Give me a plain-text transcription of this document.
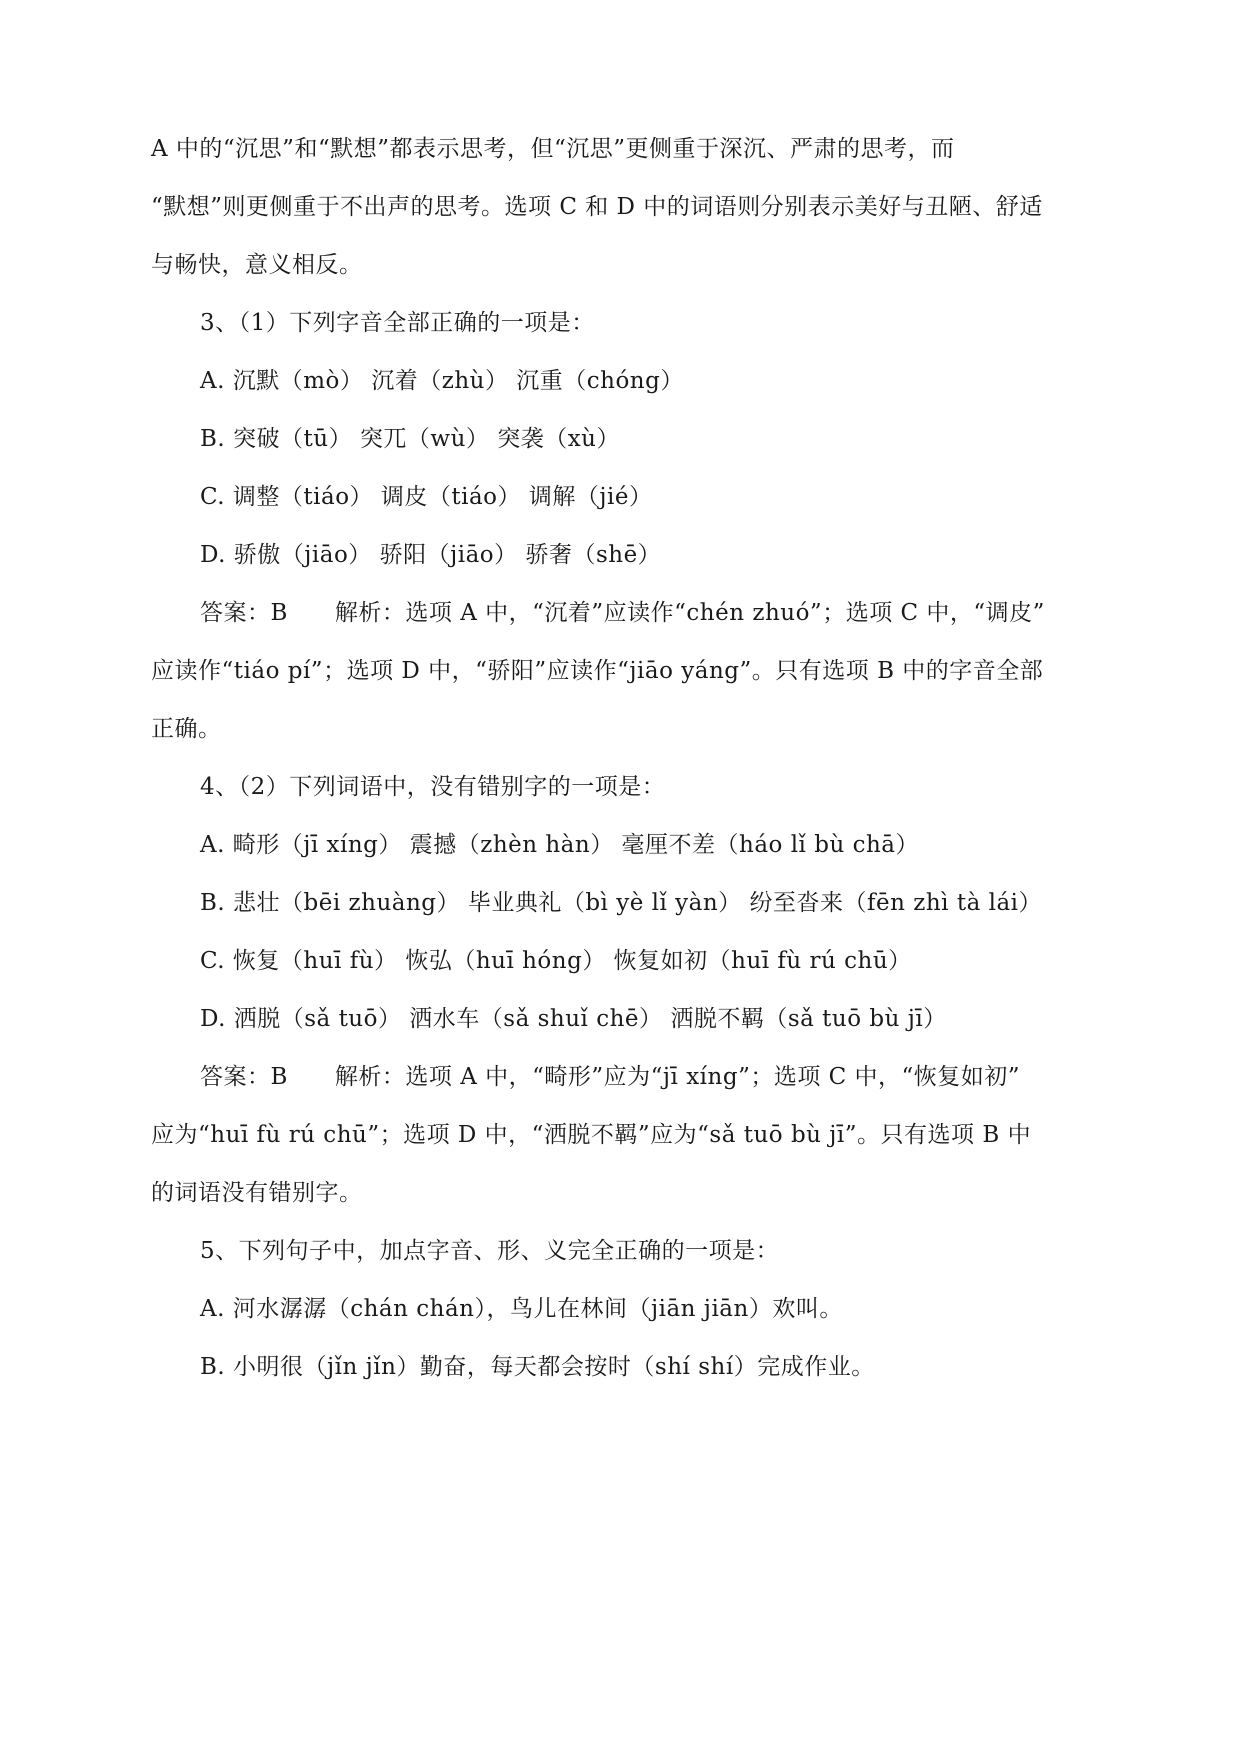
A 中的“沉思”和“默想”都表示思考，但“沉思”更侧重于深沉、严肃的思考，而
“默想”则更侧重于不出声的思考。选项 C 和 D 中的词语则分别表示美好与丑陋、舒适
与畅快，意义相反。
3、（1）下列字音全部正确的一项是：
A. 沉默（mò） 沉着（zhù） 沉重（chóng）
B. 突破（tū） 突兀（wù） 突袭（xù）
C. 调整（tiáo） 调皮（tiáo） 调解（jié）
D. 骄傲（jiāo） 骄阳（jiāo） 骄奢（shē）
答案：B　　解析：选项 A 中，“沉着”应读作“chén zhuó”；选项 C 中，“调皮”
应读作“tiáo pí”；选项 D 中，“骄阳”应读作“jiāo yáng”。只有选项 B 中的字音全部
正确。
4、（2）下列词语中，没有错别字的一项是：
A. 畸形（jī xíng） 震撼（zhèn hàn） 毫厘不差（háo lǐ bù chā）
B. 悲壮（bēi zhuàng） 毕业典礼（bì yè lǐ yàn） 纷至沓来（fēn zhì tà lái）
C. 恢复（huī fù） 恢弘（huī hóng） 恢复如初（huī fù rú chū）
D. 洒脱（sǎ tuō） 洒水车（sǎ shuǐ chē） 洒脱不羁（sǎ tuō bù jī）
答案：B　　解析：选项 A 中，“畸形”应为“jī xíng”；选项 C 中，“恢复如初”
应为“huī fù rú chū”；选项 D 中，“洒脱不羁”应为“sǎ tuō bù jī”。只有选项 B 中
的词语没有错别字。
5、下列句子中，加点字音、形、义完全正确的一项是：
A. 河水潺潺（chán chán），鸟儿在林间（jiān jiān）欢叫。
B. 小明很（jǐn jǐn）勤奋，每天都会按时（shí shí）完成作业。
